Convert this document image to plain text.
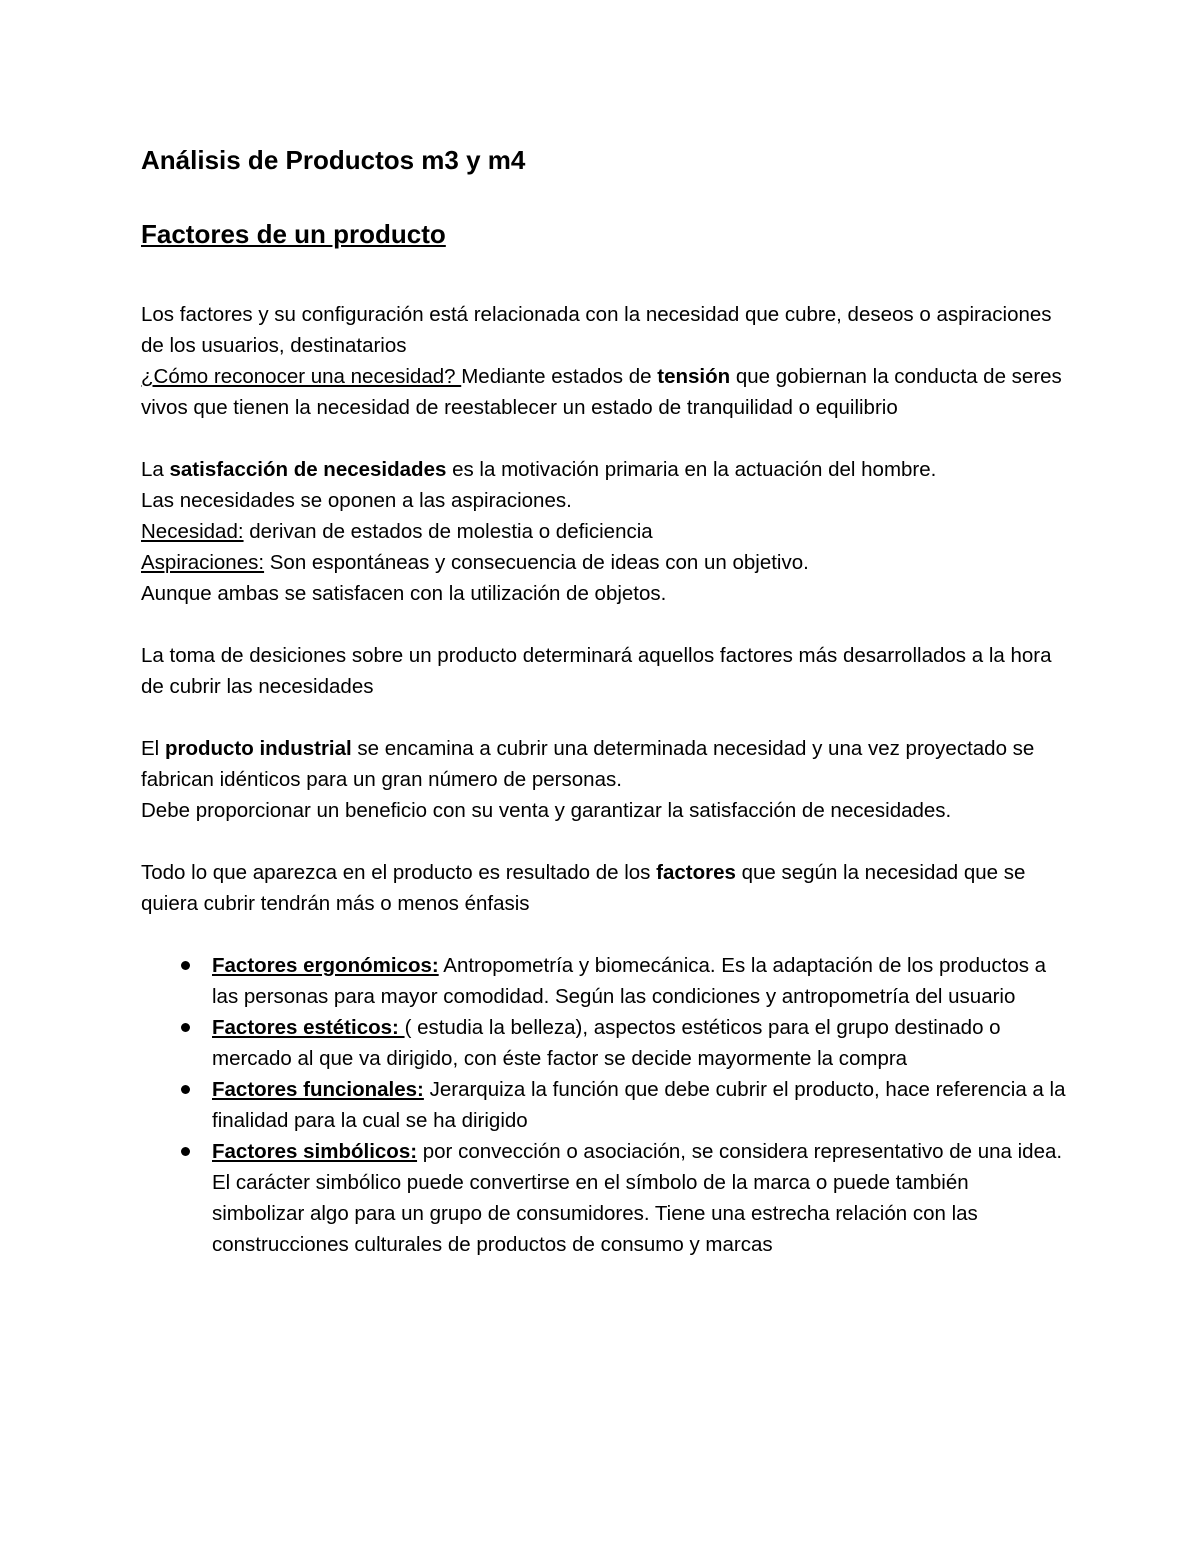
Análisis de Productos m3 y m4
Factores de un producto

Los factores y su configuración está relacionada con la necesidad que cubre, deseos o aspiraciones de los usuarios, destinatarios
¿Cómo reconocer una necesidad? Mediante estados de tensión que gobiernan la conducta de seres vivos que tienen la necesidad de reestablecer un estado de tranquilidad o equilibrio

La satisfacción de necesidades es la motivación primaria en la actuación del hombre.
Las necesidades se oponen a las aspiraciones.
Necesidad: derivan de estados de molestia o deficiencia
Aspiraciones: Son espontáneas y consecuencia de ideas con un objetivo.
Aunque ambas se satisfacen con la utilización de objetos.

La toma de desiciones sobre un producto determinará aquellos factores más desarrollados a la hora de cubrir las necesidades

El producto industrial se encamina a cubrir una determinada necesidad y una vez proyectado se fabrican idénticos para un gran número de personas.
Debe proporcionar un beneficio con su venta y garantizar la satisfacción de necesidades.

Todo lo que aparezca en el producto es resultado de los factores que según la necesidad que se quiera cubrir tendrán más o menos énfasis

Factores ergonómicos: Antropometría y biomecánica. Es la adaptación de los productos a las personas para mayor comodidad. Según las condiciones y antropometría del usuario
Factores estéticos: ( estudia la belleza), aspectos estéticos para el grupo destinado o mercado al que va dirigido, con éste factor se decide mayormente la compra
Factores funcionales: Jerarquiza la función que debe cubrir el producto, hace referencia a la finalidad para la cual se ha dirigido
Factores simbólicos: por convección o asociación, se considera representativo de una idea. El carácter simbólico puede convertirse en el símbolo de la marca o puede también simbolizar algo para un grupo de consumidores. Tiene una estrecha relación con las construcciones culturales de productos de consumo y marcas
